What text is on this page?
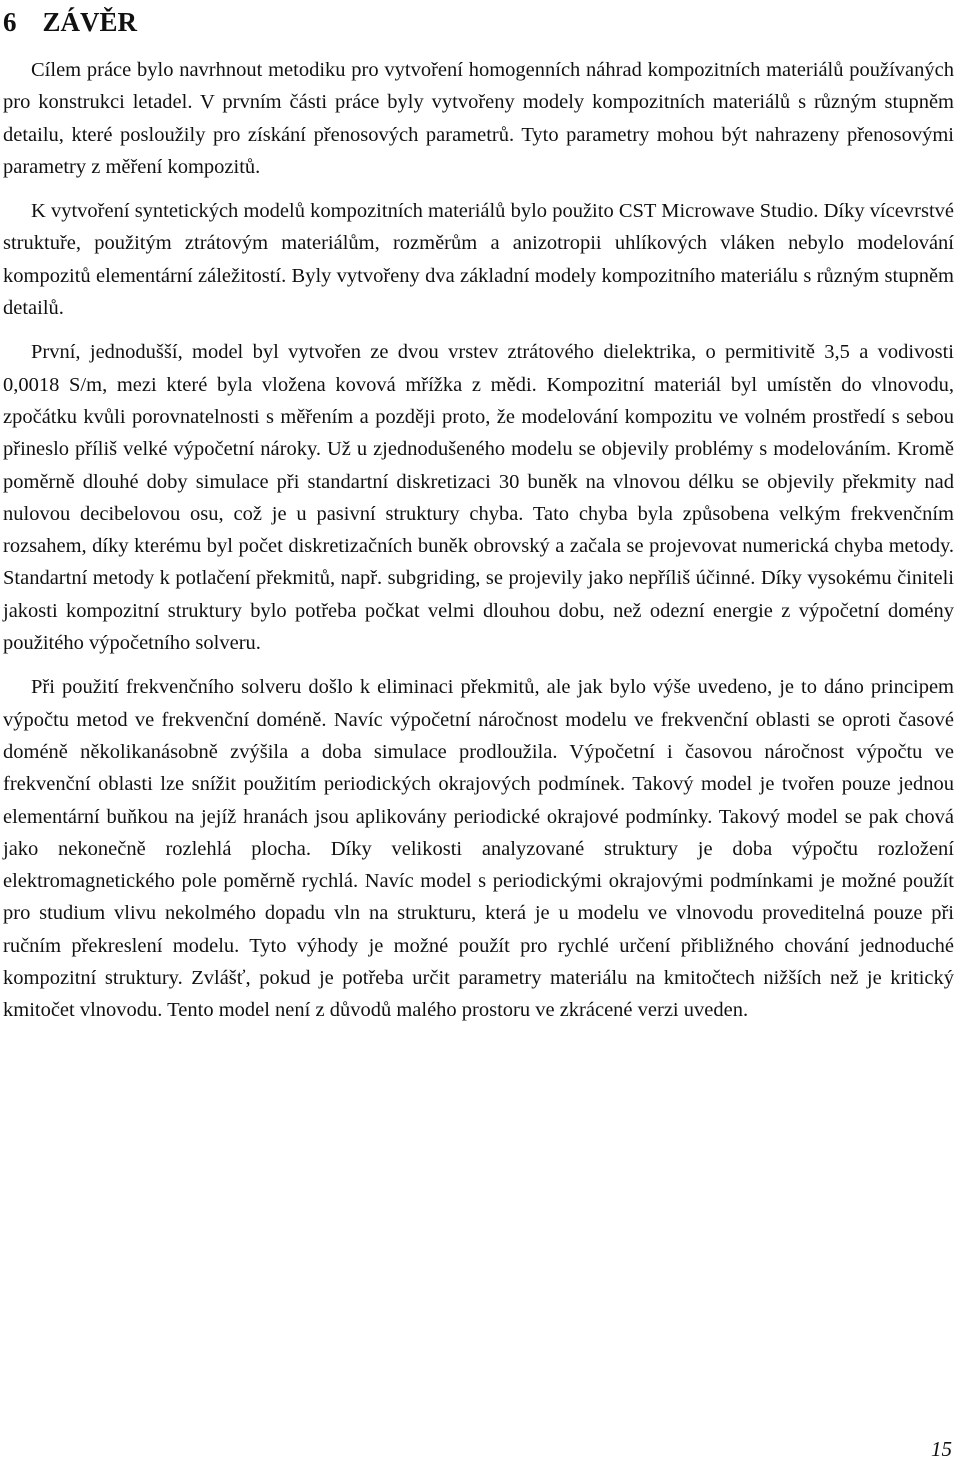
6 ZÁVĚR

Cílem práce bylo navrhnout metodiku pro vytvoření homogenních náhrad kompozitních materiálů používaných pro konstrukci letadel. V prvním části práce byly vytvořeny modely kompozitních materiálů s různým stupněm detailu, které posloužily pro získání přenosových parametrů. Tyto parametry mohou být nahrazeny přenosovými parametry z měření kompozitů.

K vytvoření syntetických modelů kompozitních materiálů bylo použito CST Microwave Studio. Díky vícevrstvé struktuře, použitým ztrátovým materiálům, rozměrům a anizotropii uhlíkových vláken nebylo modelování kompozitů elementární záležitostí. Byly vytvořeny dva základní modely kompozitního materiálu s různým stupněm detailů.

První, jednodušší, model byl vytvořen ze dvou vrstev ztrátového dielektrika, o permitivitě 3,5 a vodivosti 0,0018 S/m, mezi které byla vložena kovová mřížka z mědi. Kompozitní materiál byl umístěn do vlnovodu, zpočátku kvůli porovnatelnosti s měřením a později proto, že modelování kompozitu ve volném prostředí s sebou přineslo příliš velké výpočetní nároky. Už u zjednodušeného modelu se objevily problémy s modelováním. Kromě poměrně dlouhé doby simulace při standartní diskretizaci 30 buněk na vlnovou délku se objevily překmity nad nulovou decibelovou osu, což je u pasivní struktury chyba. Tato chyba byla způsobena velkým frekvenčním rozsahem, díky kterému byl počet diskretizačních buněk obrovský a začala se projevovat numerická chyba metody. Standartní metody k potlačení překmitů, např. subgriding, se projevily jako nepříliš účinné. Díky vysokému činiteli jakosti kompozitní struktury bylo potřeba počkat velmi dlouhou dobu, než odezní energie z výpočetní domény použitého výpočetního solveru.

Při použití frekvenčního solveru došlo k eliminaci překmitů, ale jak bylo výše uvedeno, je to dáno principem výpočtu metod ve frekvenční doméně. Navíc výpočetní náročnost modelu ve frekvenční oblasti se oproti časové doméně několikanásobně zvýšila a doba simulace prodloužila. Výpočetní i časovou náročnost výpočtu ve frekvenční oblasti lze snížit použitím periodických okrajových podmínek. Takový model je tvořen pouze jednou elementární buňkou na jejíž hranách jsou aplikovány periodické okrajové podmínky. Takový model se pak chová jako nekonečně rozlehlá plocha. Díky velikosti analyzované struktury je doba výpočtu rozložení elektromagnetického pole poměrně rychlá. Navíc model s periodickými okrajovými podmínkami je možné použít pro studium vlivu nekolmého dopadu vln na strukturu, která je u modelu ve vlnovodu proveditelná pouze při ručním překreslení modelu. Tyto výhody je možné použít pro rychlé určení přibližného chování jednoduché kompozitní struktury. Zvlášť, pokud je potřeba určit parametry materiálu na kmitočtech nižších než je kritický kmitočet vlnovodu. Tento model není z důvodů malého prostoru ve zkrácené verzi uveden.

15
